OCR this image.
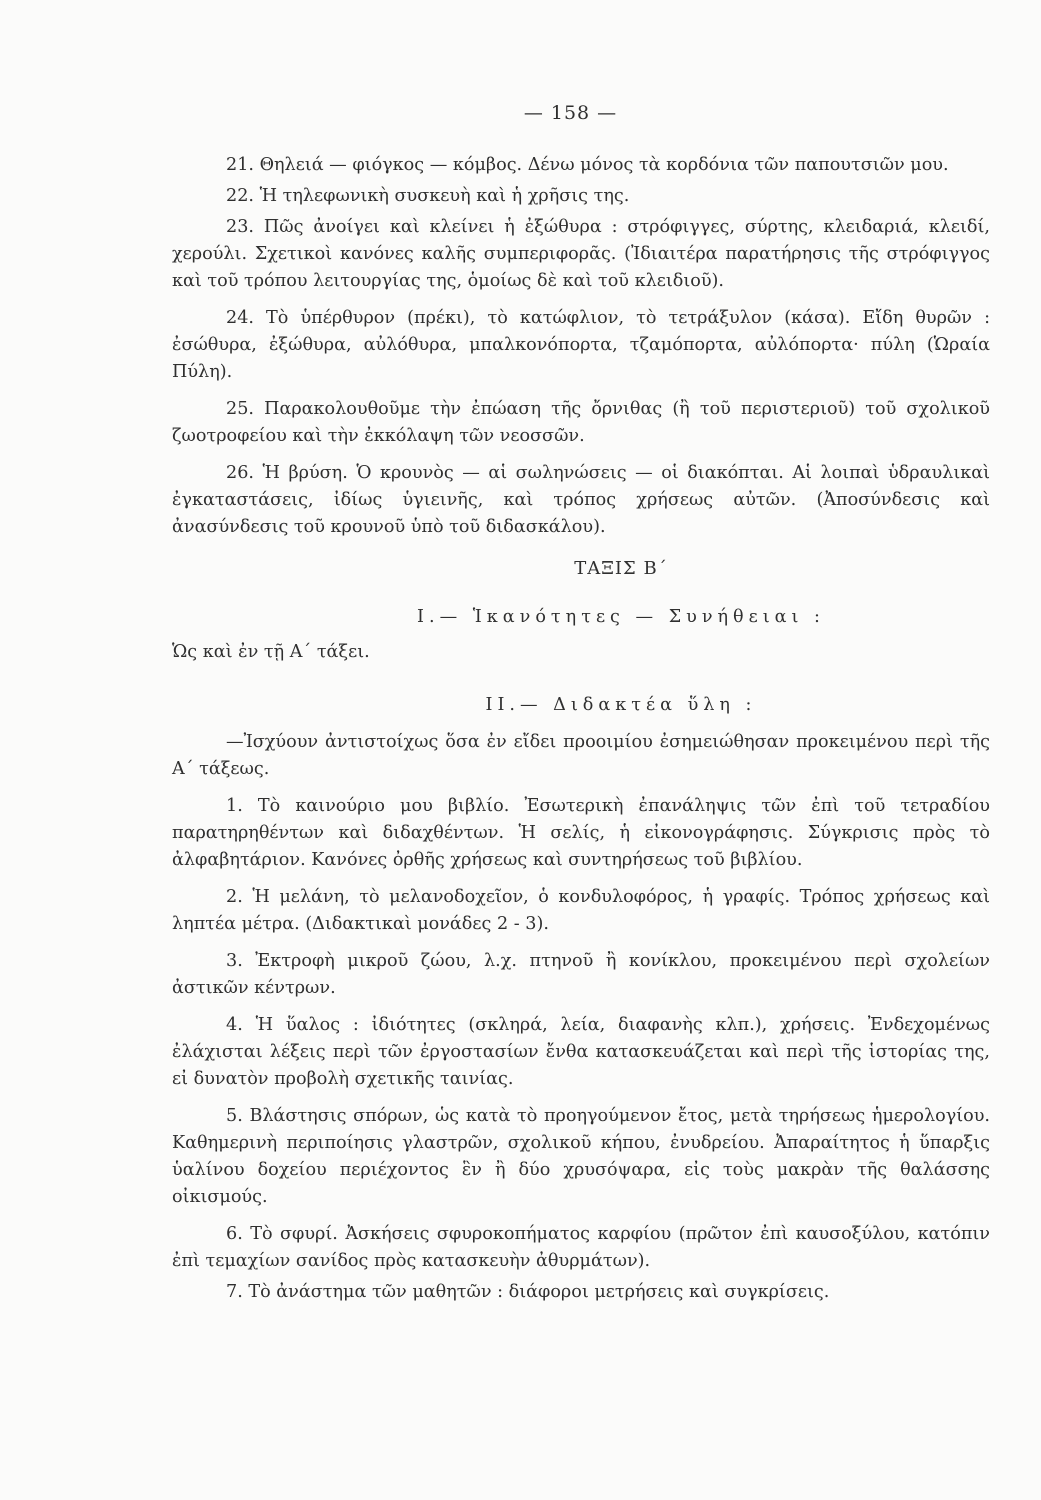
— 158 —

21. Θηλειά — φιόγκος — κόμβος. Δένω μόνος τὰ κορδόνια τῶν παπουτσιῶν μου.

22. Ἡ τηλεφωνικὴ συσκευὴ καὶ ἡ χρῆσις της.

23. Πῶς ἀνοίγει καὶ κλείνει ἡ ἐξώθυρα : στρόφιγγες, σύρτης, κλειδαριά, κλειδί, χερούλι. Σχετικοὶ κανόνες καλῆς συμπεριφορᾶς. (Ἰδιαιτέρα παρατήρησις τῆς στρόφιγγος καὶ τοῦ τρόπου λειτουργίας της, ὁμοίως δὲ καὶ τοῦ κλειδιοῦ).

24. Τὸ ὑπέρθυρον (πρέκι), τὸ κατώφλιον, τὸ τετράξυλον (κάσα). Εἴδη θυρῶν : ἐσώθυρα, ἐξώθυρα, αὐλόθυρα, μπαλκονόπορτα, τζαμόπορτα, αὐλόπορτα· πύλη (Ὡραία Πύλη).

25. Παρακολουθοῦμε τὴν ἐπώαση τῆς ὄρνιθας (ἢ τοῦ περιστεριοῦ) τοῦ σχολικοῦ ζωοτροφείου καὶ τὴν ἐκκόλαψη τῶν νεοσσῶν.

26. Ἡ βρύση. Ὁ κρουνὸς — αἱ σωληνώσεις — οἱ διακόπται. Αἱ λοιπαὶ ὑδραυλικαὶ ἐγκαταστάσεις, ἰδίως ὑγιεινῆς, καὶ τρόπος χρήσεως αὐτῶν. (Ἀποσύνδεσις καὶ ἀνασύνδεσις τοῦ κρουνοῦ ὑπὸ τοῦ διδασκάλου).

ΤΑΞΙΣ Β΄
I.— Ἱκανότητες — Συνήθειαι :

Ὡς καὶ ἐν τῇ Α΄ τάξει.

II.— Διδακτέα ὕλη :

—Ἰσχύουν ἀντιστοίχως ὅσα ἐν εἴδει προοιμίου ἐσημειώθησαν προκειμένου περὶ τῆς Α΄ τάξεως.

1. Τὸ καινούριο μου βιβλίο. Ἐσωτερικὴ ἐπανάληψις τῶν ἐπὶ τοῦ τετραδίου παρατηρηθέντων καὶ διδαχθέντων. Ἡ σελίς, ἡ εἰκονογράφησις. Σύγκρισις πρὸς τὸ ἀλφαβητάριον. Κανόνες ὀρθῆς χρήσεως καὶ συντηρήσεως τοῦ βιβλίου.

2. Ἡ μελάνη, τὸ μελανοδοχεῖον, ὁ κονδυλοφόρος, ἡ γραφίς. Τρόπος χρήσεως καὶ ληπτέα μέτρα. (Διδακτικαὶ μονάδες 2 - 3).

3. Ἐκτροφὴ μικροῦ ζώου, λ.χ. πτηνοῦ ἢ κονίκλου, προκειμένου περὶ σχολείων ἀστικῶν κέντρων.

4. Ἡ ὕαλος : ἰδιότητες (σκληρά, λεία, διαφανὴς κλπ.), χρήσεις. Ἐνδεχομένως ἐλάχισται λέξεις περὶ τῶν ἐργοστασίων ἔνθα κατασκευάζεται καὶ περὶ τῆς ἱστορίας της, εἰ δυνατὸν προβολὴ σχετικῆς ταινίας.

5. Βλάστησις σπόρων, ὡς κατὰ τὸ προηγούμενον ἔτος, μετὰ τηρήσεως ἡμερολογίου. Καθημερινὴ περιποίησις γλαστρῶν, σχολικοῦ κήπου, ἐνυδρείου. Ἀπαραίτητος ἡ ὕπαρξις ὑαλίνου δοχείου περιέχοντος ἓν ἢ δύο χρυσόψαρα, εἰς τοὺς μακρὰν τῆς θαλάσσης οἰκισμούς.

6. Τὸ σφυρί. Ἀσκήσεις σφυροκοπήματος καρφίου (πρῶτον ἐπὶ καυσοξύλου, κατόπιν ἐπὶ τεμαχίων σανίδος πρὸς κατασκευὴν ἀθυρμάτων).

7. Τὸ ἀνάστημα τῶν μαθητῶν : διάφοροι μετρήσεις καὶ συγκρίσεις.
